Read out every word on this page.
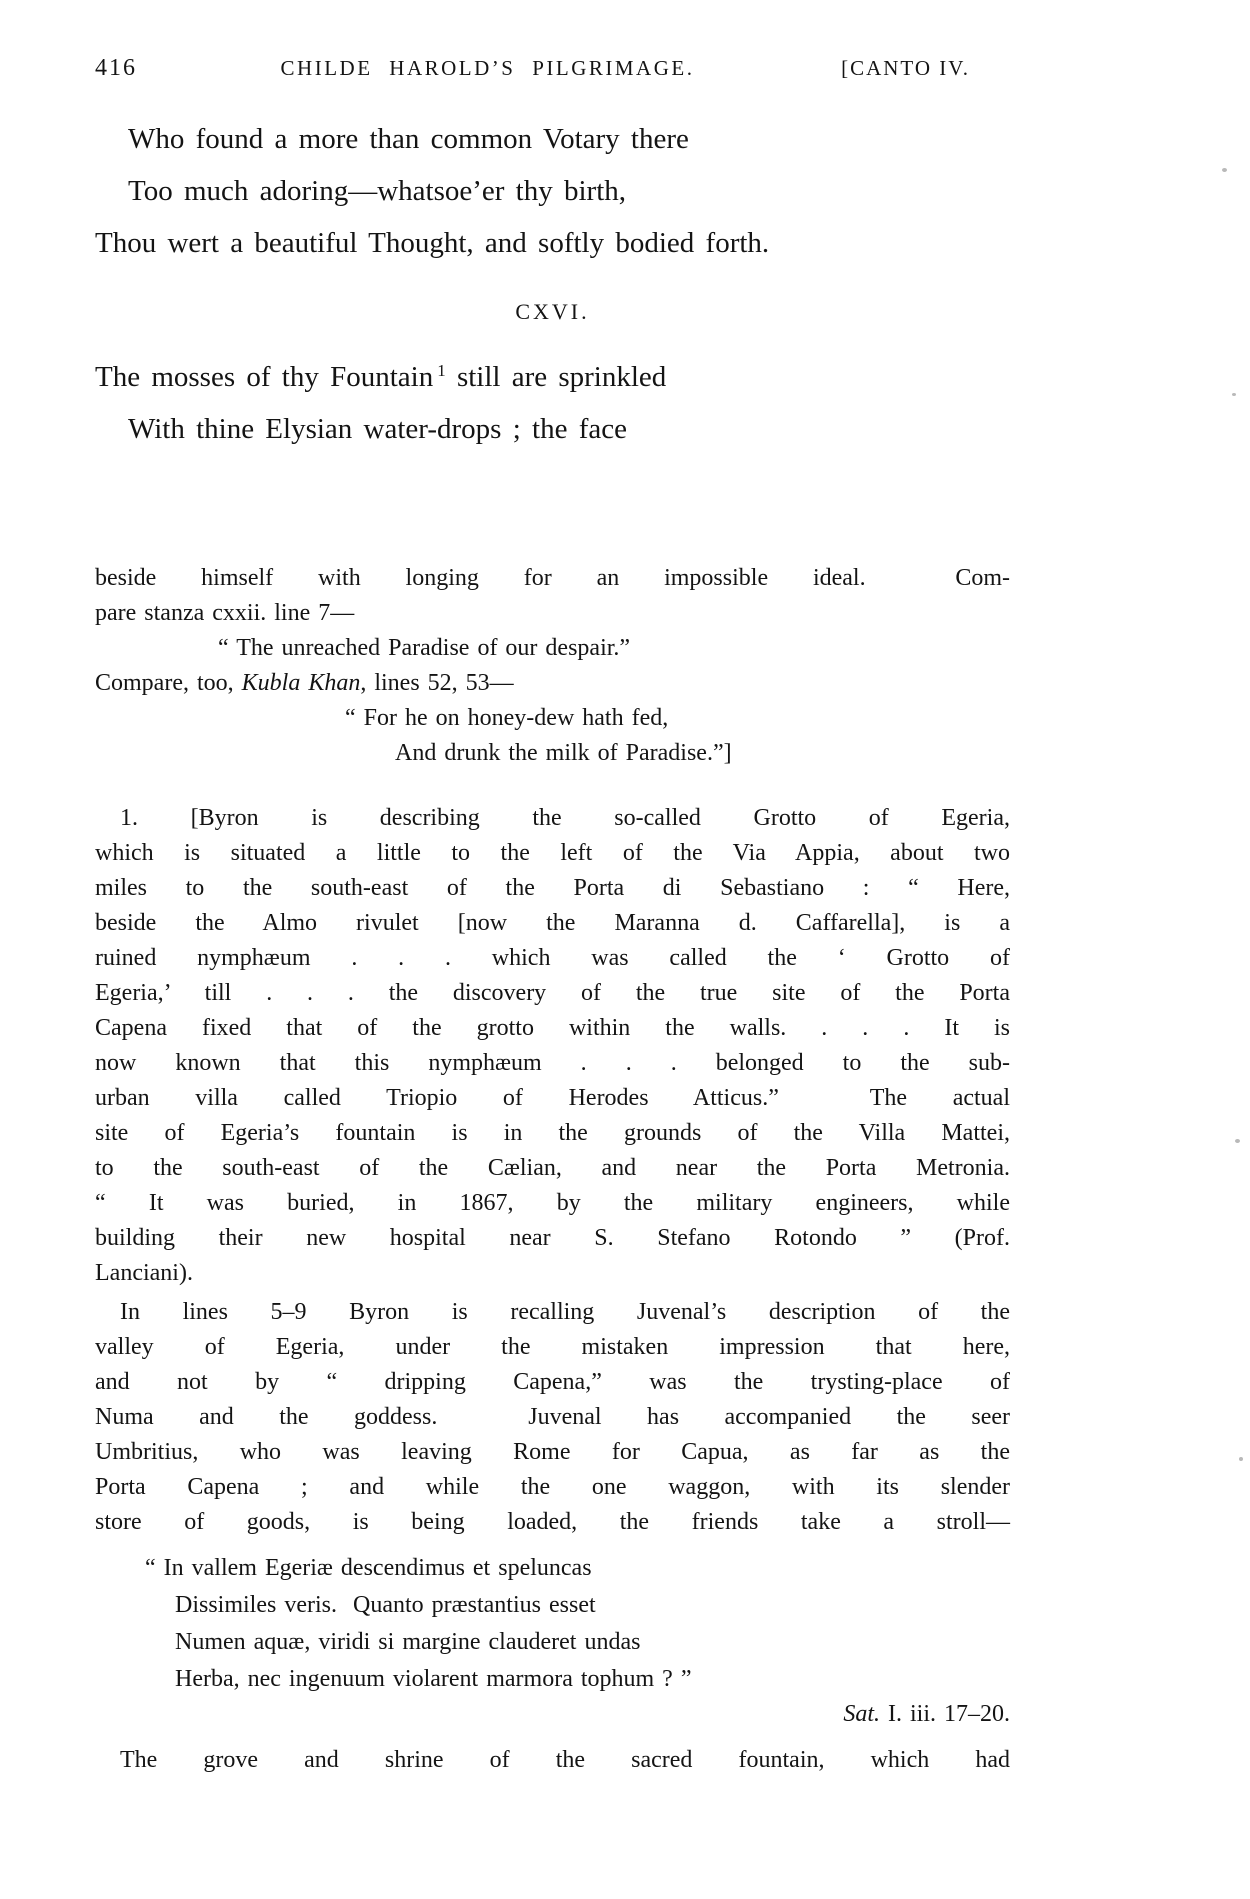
416	CHILDE HAROLD’S PILGRIMAGE.	[CANTO IV.
Who found a more than common Votary there
Too much adoring—whatsoe’er thy birth,
Thou wert a beautiful Thought, and softly bodied forth.
CXVI.
The mosses of thy Fountain $^1$ still are sprinkled
With thine Elysian water-drops ; the face
beside himself with longing for an impossible ideal.  Com-
pare stanza cxxii. line 7—
“ The unreached Paradise of our despair.”
Compare, too, Kubla Khan, lines 52, 53—
“ For he on honey-dew hath fed,
And drunk the milk of Paradise.”]
1. [Byron is describing the so-called Grotto of Egeria,
which is situated a little to the left of the Via Appia, about two
miles to the south-east of the Porta di Sebastiano : “ Here,
beside the Almo rivulet [now the Maranna d. Caffarella], is a
ruined nymphæum . . . which was called the ‘ Grotto of
Egeria,’ till . . . the discovery of the true site of the Porta
Capena fixed that of the grotto within the walls. . . . It is
now known that this nymphæum . . . belonged to the sub-
urban villa called Triopio of Herodes Atticus.”  The actual
site of Egeria’s fountain is in the grounds of the Villa Mattei,
to the south-east of the Cælian, and near the Porta Metronia.
“ It was buried, in 1867, by the military engineers, while
building their new hospital near S. Stefano Rotondo ” (Prof.
Lanciani).
In lines 5–9 Byron is recalling Juvenal’s description of the
valley of Egeria, under the mistaken impression that here,
and not by “ dripping Capena,” was the trysting-place of
Numa and the goddess.  Juvenal has accompanied the seer
Umbritius, who was leaving Rome for Capua, as far as the
Porta Capena ; and while the one waggon, with its slender
store of goods, is being loaded, the friends take a stroll—
“ In vallem Egeriæ descendimus et speluncas
Dissimiles veris.  Quanto præstantius esset
Numen aquæ, viridi si margine clauderet undas
Herba, nec ingenuum violarent marmora tophum ? ”
Sat. I. iii. 17–20.
The grove and shrine of the sacred fountain, which had
